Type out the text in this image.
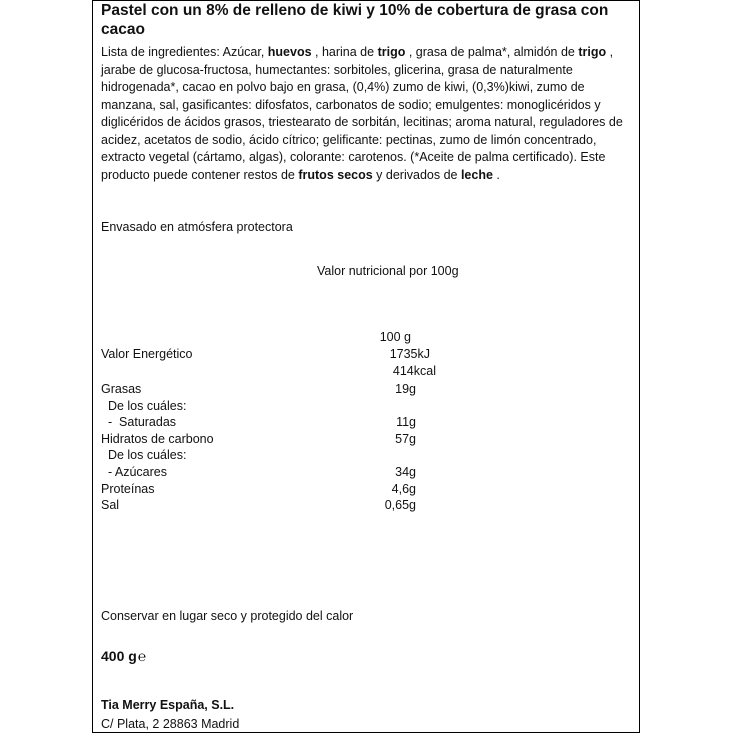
Pastel con un 8% de relleno de kiwi y 10% de cobertura de grasa con cacao
Lista de ingredientes: Azúcar, huevos , harina de trigo , grasa de palma*, almidón de trigo , jarabe de glucosa-fructosa, humectantes: sorbitoles, glicerina, grasa de naturalmente hidrogenada*, cacao en polvo bajo en grasa, (0,4%) zumo de kiwi, (0,3%)kiwi, zumo de manzana, sal, gasificantes: difosfatos, carbonatos de sodio; emulgentes: monoglicéridos y diglicéridos de ácidos grasos, triestearato de sorbitán, lecitinas; aroma natural, reguladores de acidez, acetatos de sodio, ácido cítrico; gelificante: pectinas, zumo de limón concentrado, extracto vegetal (cártamo, algas), colorante: carotenos. (*Aceite de palma certificado). Este producto puede contener restos de frutos secos y derivados de leche .
Envasado en atmósfera protectora
Valor nutricional por 100g
100 g
Valor Energético	1735kJ
414kcal
Grasas	19g
De los cuáles:
-  Saturadas	11g
Hidratos de carbono	57g
De los cuáles:
- Azúcares	34g
Proteínas	4,6g
Sal	0,65g
Conservar en lugar seco y protegido del calor
400 g℮
Tia Merry España, S.L.
C/ Plata, 2 28863 Madrid
